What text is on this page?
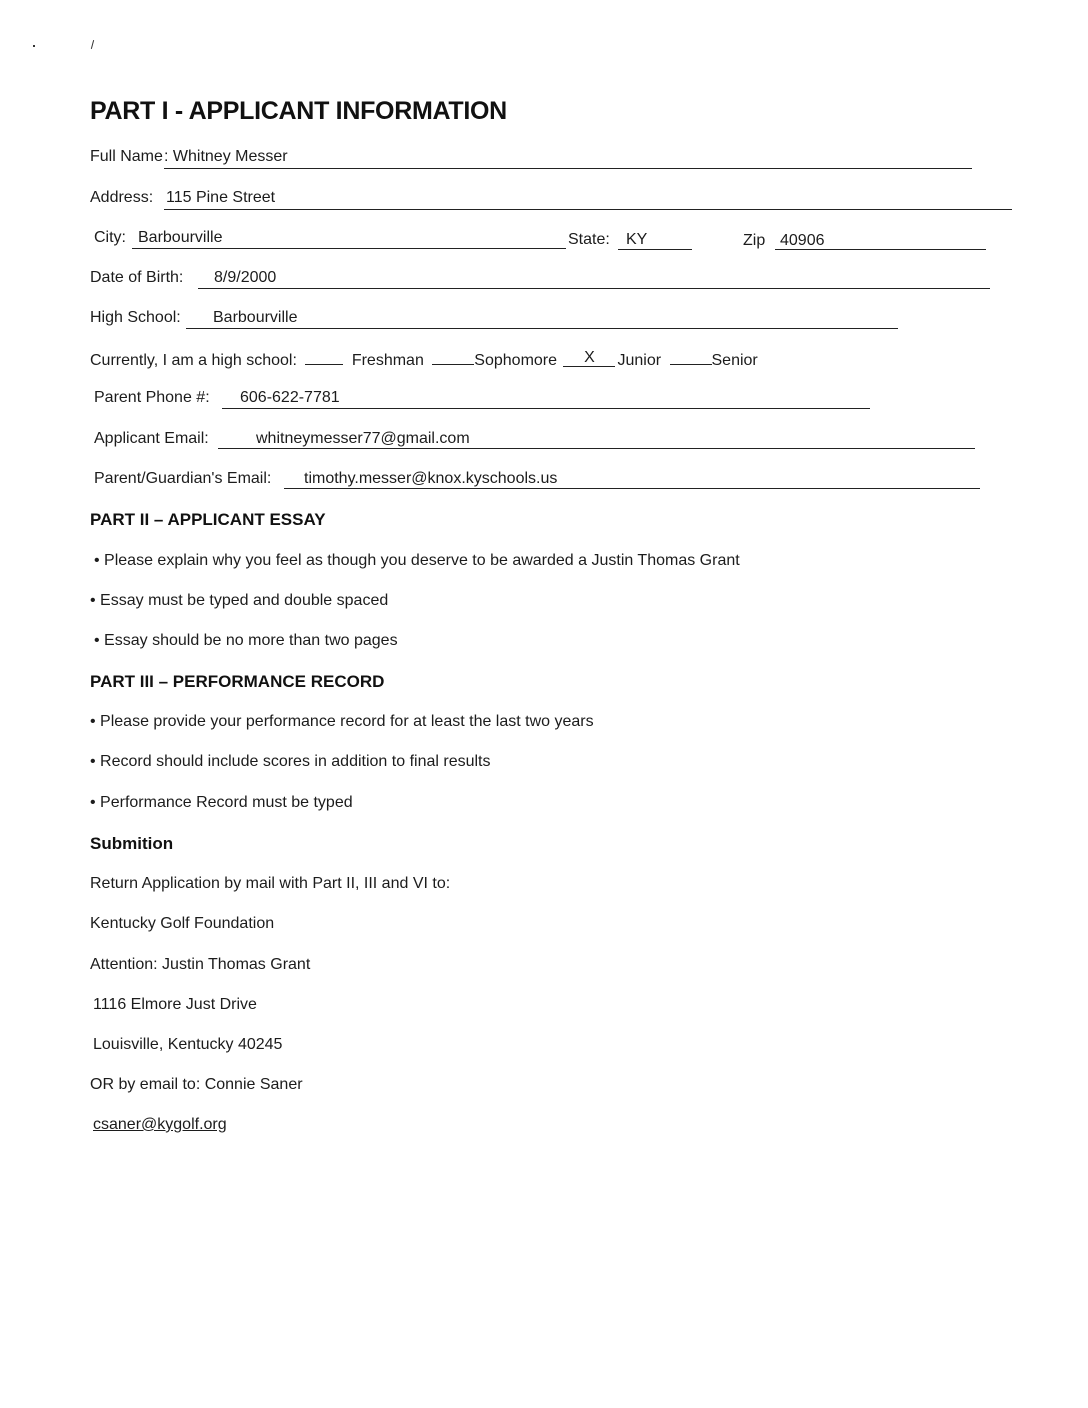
PART I - APPLICANT INFORMATION
Full Name : Whitney Messer
Address: 115 Pine Street
City: Barbourville	State: KY	Zip 40906
Date of Birth: 8/9/2000
High School: Barbourville
Currently, I am a high school:	Freshman	Sophomore X Junior	Senior
Parent Phone #: 606-622-7781
Applicant Email:	whitneymesser77@gmail.com
Parent/Guardian's Email: timothy.messer@knox.kyschools.us
PART II – APPLICANT ESSAY
• Please explain why you feel as though you deserve to be awarded a Justin Thomas Grant
• Essay must be typed and double spaced
• Essay should be no more than two pages
PART III – PERFORMANCE RECORD
• Please provide your performance record for at least the last two years
• Record should include scores in addition to final results
• Performance Record must be typed
Submition
Return Application by mail with Part II, III and VI to:
Kentucky Golf Foundation
Attention: Justin Thomas Grant
1116 Elmore Just Drive
Louisville, Kentucky 40245
OR by email to: Connie Saner
csaner@kygolf.org
